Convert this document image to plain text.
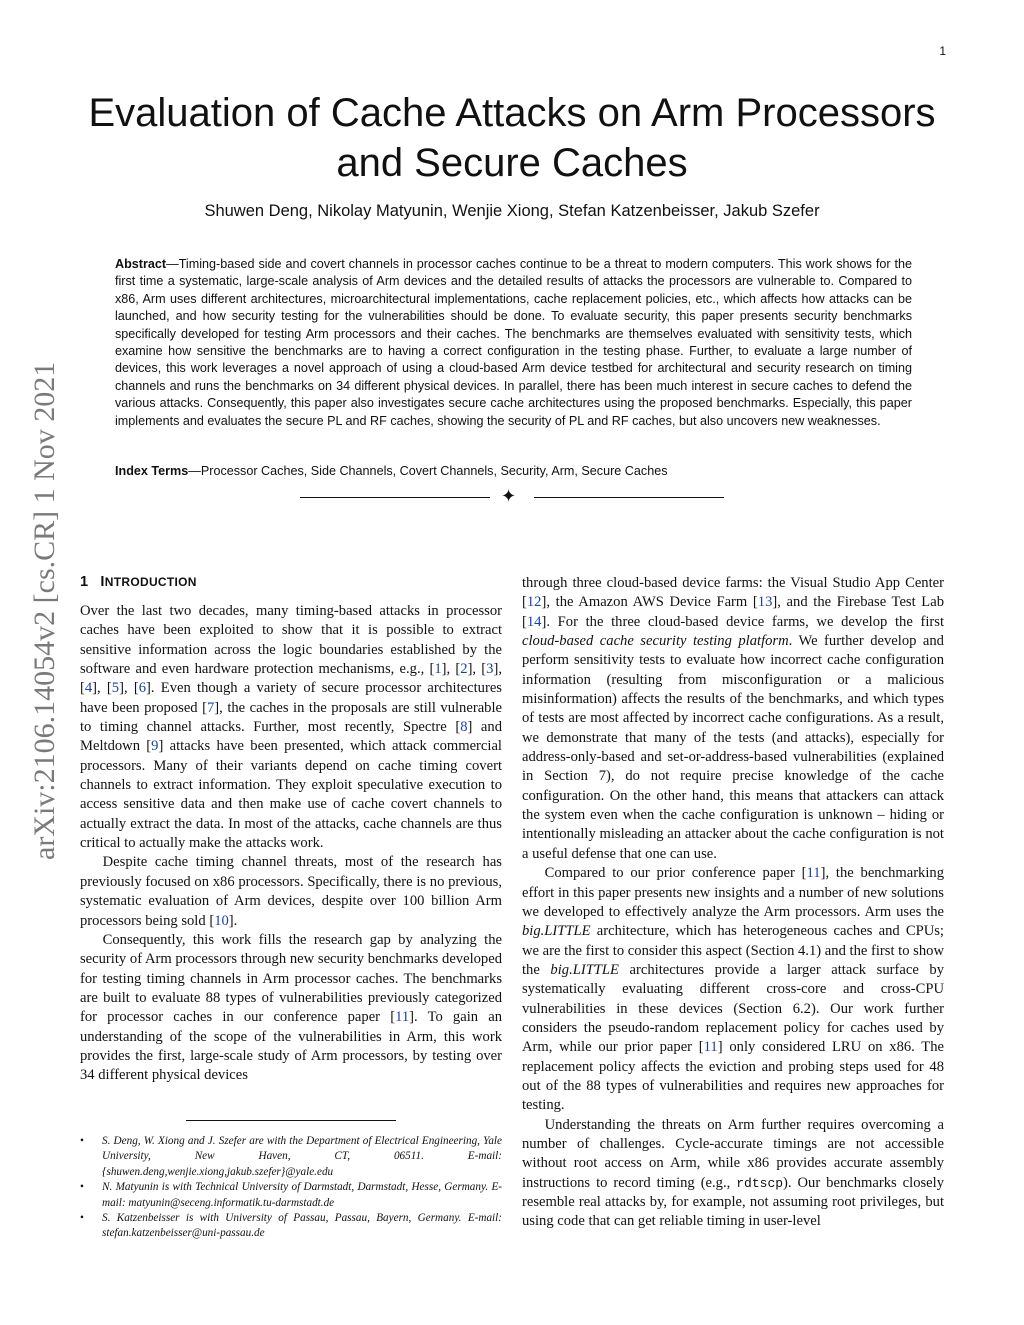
1
Evaluation of Cache Attacks on Arm Processors and Secure Caches
Shuwen Deng, Nikolay Matyunin, Wenjie Xiong, Stefan Katzenbeisser, Jakub Szefer

Abstract—Timing-based side and covert channels in processor caches continue to be a threat to modern computers. This work shows for the first time a systematic, large-scale analysis of Arm devices and the detailed results of attacks the processors are vulnerable to. Compared to x86, Arm uses different architectures, microarchitectural implementations, cache replacement policies, etc., which affects how attacks can be launched, and how security testing for the vulnerabilities should be done. To evaluate security, this paper presents security benchmarks specifically developed for testing Arm processors and their caches. The benchmarks are themselves evaluated with sensitivity tests, which examine how sensitive the benchmarks are to having a correct configuration in the testing phase. Further, to evaluate a large number of devices, this work leverages a novel approach of using a cloud-based Arm device testbed for architectural and security research on timing channels and runs the benchmarks on 34 different physical devices. In parallel, there has been much interest in secure caches to defend the various attacks. Consequently, this paper also investigates secure cache architectures using the proposed benchmarks. Especially, this paper implements and evaluates the secure PL and RF caches, showing the security of PL and RF caches, but also uncovers new weaknesses.

Index Terms—Processor Caches, Side Channels, Covert Channels, Security, Arm, Secure Caches
✦
arXiv:2106.14054v2 [cs.CR] 1 Nov 2021 1 INTRODUCTION

Over the last two decades, many timing-based attacks in processor caches have been exploited to show that it is possible to extract sensitive information across the logic boundaries established by the software and even hardware protection mechanisms, e.g., [1], [2], [3], [4], [5], [6]. Even though a variety of secure processor architectures have been proposed [7], the caches in the proposals are still vulnerable to timing channel attacks. Further, most recently, Spectre [8] and Meltdown [9] attacks have been presented, which attack commercial processors. Many of their variants depend on cache timing covert channels to extract information. They exploit speculative execution to access sensitive data and then make use of cache covert channels to actually extract the data. In most of the attacks, cache channels are thus critical to actually make the attacks work.

Despite cache timing channel threats, most of the research has previously focused on x86 processors. Specifically, there is no previous, systematic evaluation of Arm devices, despite over 100 billion Arm processors being sold [10].

Consequently, this work fills the research gap by analyzing the security of Arm processors through new security benchmarks developed for testing timing channels in Arm processor caches. The benchmarks are built to evaluate 88 types of vulnerabilities previously categorized for processor caches in our conference paper [11]. To gain an understanding of the scope of the vulnerabilities in Arm, this work provides the first, large-scale study of Arm processors, by testing over 34 different physical devices

through three cloud-based device farms: the Visual Studio App Center [12], the Amazon AWS Device Farm [13], and the Firebase Test Lab [14]. For the three cloud-based device farms, we develop the first cloud-based cache security testing platform. We further develop and perform sensitivity tests to evaluate how incorrect cache configuration information (resulting from misconfiguration or a malicious misinformation) affects the results of the benchmarks, and which types of tests are most affected by incorrect cache configurations. As a result, we demonstrate that many of the tests (and attacks), especially for address-only-based and set-or-address-based vulnerabilities (explained in Section 7), do not require precise knowledge of the cache configuration. On the other hand, this means that attackers can attack the system even when the cache configuration is unknown – hiding or intentionally misleading an attacker about the cache configuration is not a useful defense that one can use.

Compared to our prior conference paper [11], the benchmarking effort in this paper presents new insights and a number of new solutions we developed to effectively analyze the Arm processors. Arm uses the big.LITTLE architecture, which has heterogeneous caches and CPUs; we are the first to consider this aspect (Section 4.1) and the first to show the big.LITTLE architectures provide a larger attack surface by systematically evaluating different cross-core and cross-CPU vulnerabilities in these devices (Section 6.2). Our work further considers the pseudo-random replacement policy for caches used by Arm, while our prior paper [11] only considered LRU on x86. The replacement policy affects the eviction and probing steps used for 48 out of the 88 types of vulnerabilities and requires new approaches for testing.

Understanding the threats on Arm further requires overcoming a number of challenges. Cycle-accurate timings are not accessible without root access on Arm, while x86 provides accurate assembly instructions to record timing (e.g., rdtscp). Our benchmarks closely resemble real attacks by, for example, not assuming root privileges, but using code that can get reliable timing in user-level

• S. Deng, W. Xiong and J. Szefer are with the Department of Electrical Engineering, Yale University, New Haven, CT, 06511. E-mail: {shuwen.deng,wenjie.xiong,jakub.szefer}@yale.edu
• N. Matyunin is with Technical University of Darmstadt, Darmstadt, Hesse, Germany. E-mail: matyunin@seceng.informatik.tu-darmstadt.de
• S. Katzenbeisser is with University of Passau, Passau, Bayern, Germany. E-mail: stefan.katzenbeisser@uni-passau.de
